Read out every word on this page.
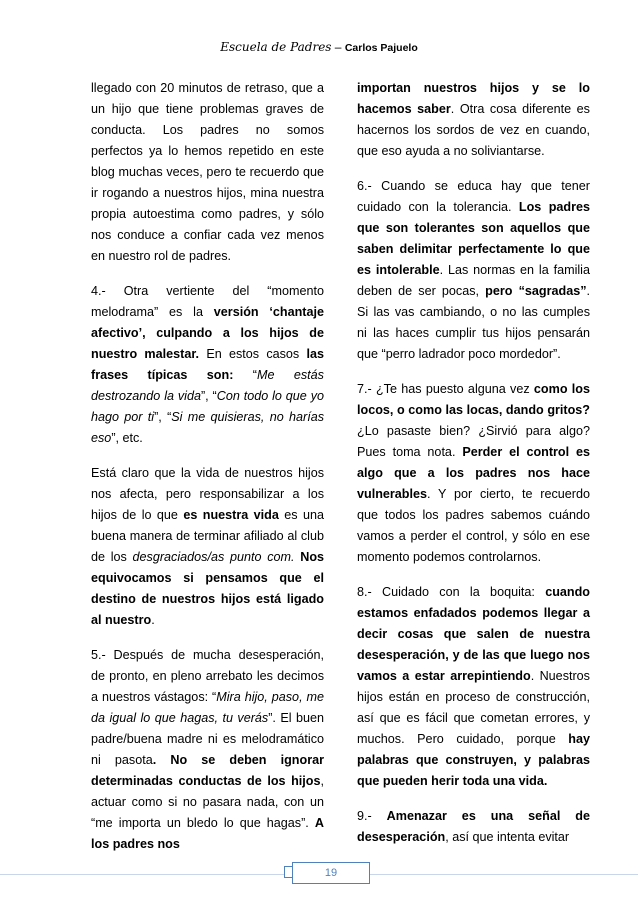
Escuela de Padres – Carlos Pajuelo

llegado con 20 minutos de retraso, que a un hijo que tiene problemas graves de conducta. Los padres no somos perfectos ya lo hemos repetido en este blog muchas veces, pero te recuerdo que ir rogando a nuestros hijos, mina nuestra propia autoestima como padres, y sólo nos conduce a confiar cada vez menos en nuestro rol de padres.

4.- Otra vertiente del “momento melodrama” es la versión ‘chantaje afectivo’, culpando a los hijos de nuestro malestar. En estos casos las frases típicas son: “Me estás destrozando la vida”, “Con todo lo que yo hago por ti”, “Si me quisieras, no harías eso”, etc.

Está claro que la vida de nuestros hijos nos afecta, pero responsabilizar a los hijos de lo que es nuestra vida es una buena manera de terminar afiliado al club de los desgraciados/as punto com. Nos equivocamos si pensamos que el destino de nuestros hijos está ligado al nuestro.

5.- Después de mucha desesperación, de pronto, en pleno arrebato les decimos a nuestros vástagos: “Mira hijo, paso, me da igual lo que hagas, tu verás”. El buen padre/buena madre ni es melodramático ni pasota. No se deben ignorar determinadas conductas de los hijos, actuar como si no pasara nada, con un “me importa un bledo lo que hagas”. A los padres nos

importan nuestros hijos y se lo hacemos saber. Otra cosa diferente es hacernos los sordos de vez en cuando, que eso ayuda a no soliviantarse.

6.- Cuando se educa hay que tener cuidado con la tolerancia. Los padres que son tolerantes son aquellos que saben delimitar perfectamente lo que es intolerable. Las normas en la familia deben de ser pocas, pero “sagradas”. Si las vas cambiando, o no las cumples ni las haces cumplir tus hijos pensarán que “perro ladrador poco mordedor”.

7.- ¿Te has puesto alguna vez como los locos, o como las locas, dando gritos?¿Lo pasaste bien? ¿Sirvió para algo? Pues toma nota. Perder el control es algo que a los padres nos hace vulnerables. Y por cierto, te recuerdo que todos los padres sabemos cuándo vamos a perder el control, y sólo en ese momento podemos controlarnos.

8.- Cuidado con la boquita: cuando estamos enfadados podemos llegar a decir cosas que salen de nuestra desesperación, y de las que luego nos vamos a estar arrepintiendo. Nuestros hijos están en proceso de construcción, así que es fácil que cometan errores, y muchos. Pero cuidado, porque hay palabras que construyen, y palabras que pueden herir toda una vida.

9.- Amenazar es una señal de desesperación, así que intenta evitar

19
